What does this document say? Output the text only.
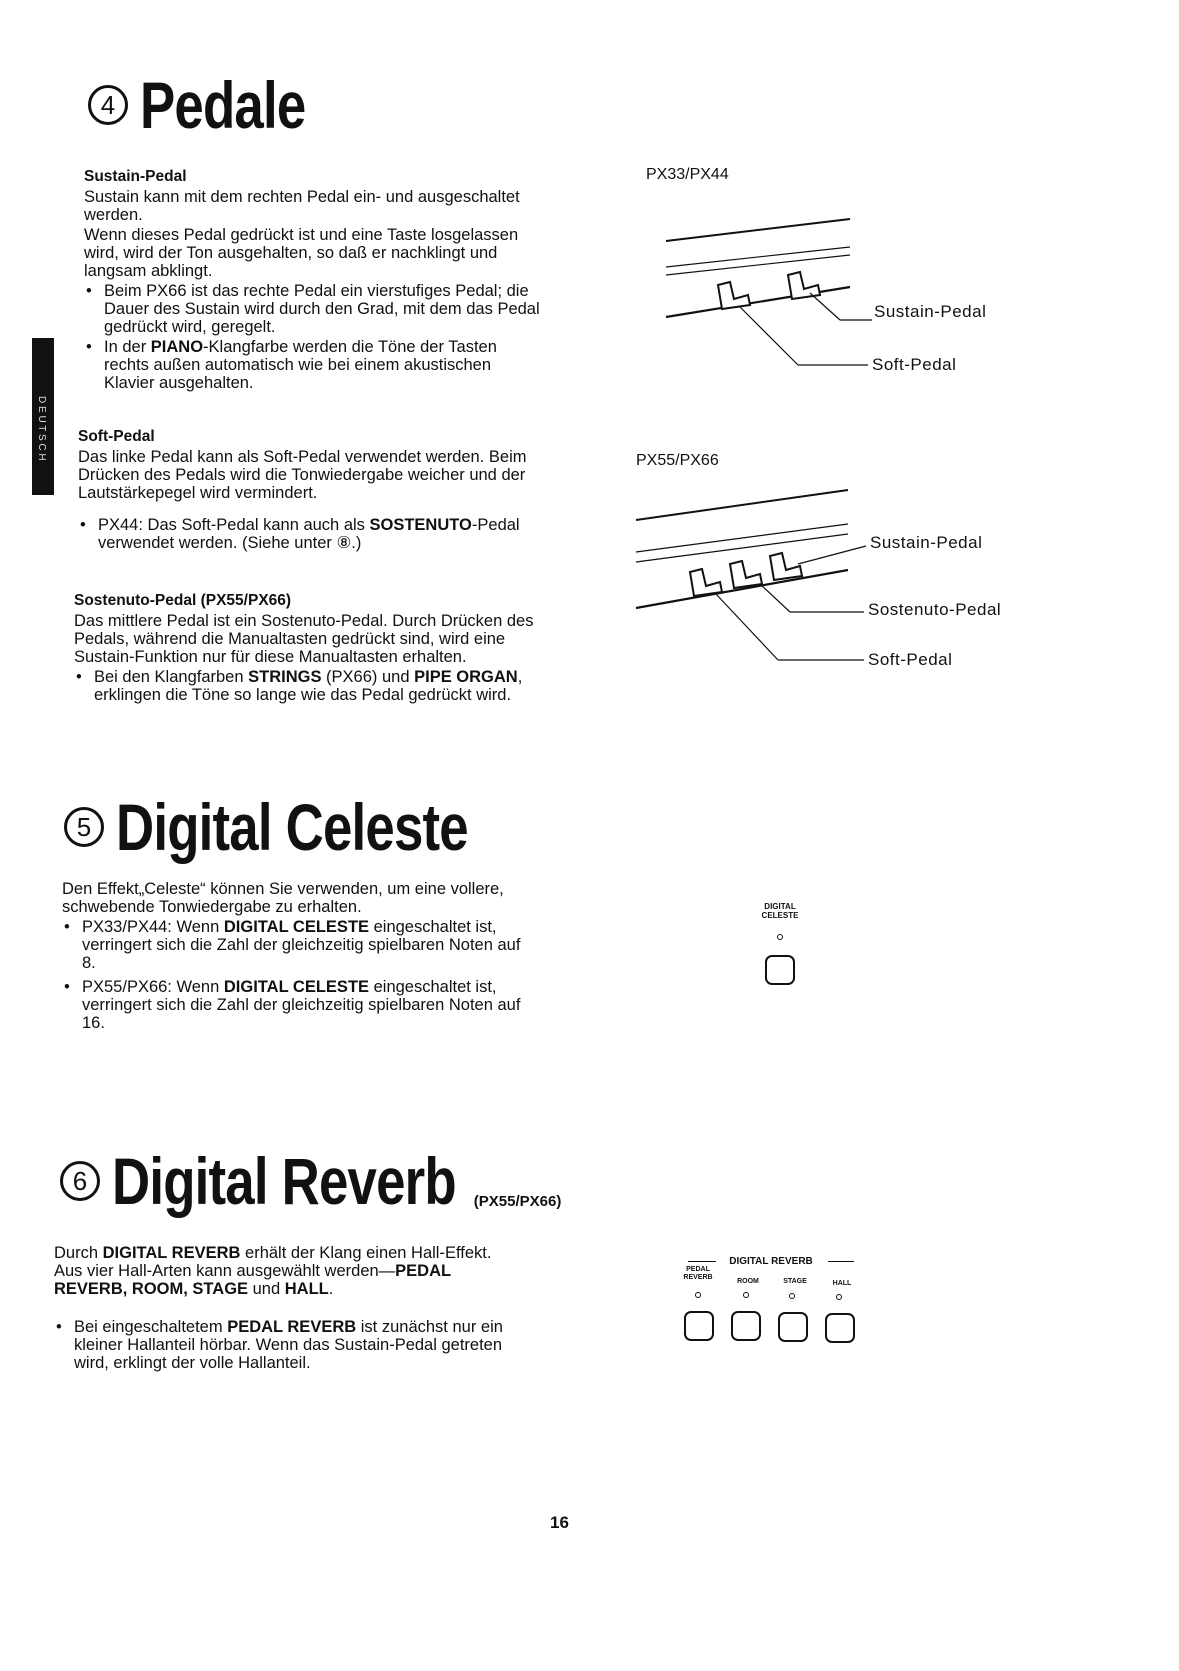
D E U T S C H
4 Pedale
Sustain-Pedal

Sustain kann mit dem rechten Pedal ein- und ausgeschaltet werden.

Wenn dieses Pedal gedrückt ist und eine Taste losgelassen wird, wird der Ton ausgehalten, so daß er nachklingt und langsam abklingt.

• Beim PX66 ist das rechte Pedal ein vierstufiges Pedal; die Dauer des Sustain wird durch den Grad, mit dem das Pedal gedrückt wird, geregelt.

• In der PIANO-Klangfarbe werden die Töne der Tasten rechts außen automatisch wie bei einem akustischen Klavier ausgehalten.

Soft-Pedal

Das linke Pedal kann als Soft-Pedal verwendet werden. Beim Drücken des Pedals wird die Tonwiedergabe weicher und der Lautstärkepegel wird vermindert.

• PX44: Das Soft-Pedal kann auch als SOSTENUTO-Pedal verwendet werden. (Siehe unter ⑧.)

Sostenuto-Pedal (PX55/PX66)

Das mittlere Pedal ist ein Sostenuto-Pedal. Durch Drücken des Pedals, während die Manualtasten gedrückt sind, wird eine Sustain-Funktion nur für diese Manualtasten erhalten.

• Bei den Klangfarben STRINGS (PX66) und PIPE ORGAN, erklingen die Töne so lange wie das Pedal gedrückt wird.

PX33/PX44
Sustain-Pedal
Soft-Pedal
PX55/PX66
Sustain-Pedal
Sostenuto-Pedal
Soft-Pedal
5 Digital Celeste

Den Effekt„Celeste“ können Sie verwenden, um eine vollere, schwebende Tonwiedergabe zu erhalten.

• PX33/PX44: Wenn DIGITAL CELESTE eingeschaltet ist, verringert sich die Zahl der gleichzeitig spielbaren Noten auf 8.

• PX55/PX66: Wenn DIGITAL CELESTE eingeschaltet ist, verringert sich die Zahl der gleichzeitig spielbaren Noten auf 16.

DIGITAL
CELESTE
6 Digital Reverb (PX55/PX66)

Durch DIGITAL REVERB erhält der Klang einen Hall-Effekt. Aus vier Hall-Arten kann ausgewählt werden—PEDAL REVERB, ROOM, STAGE und HALL.

• Bei eingeschaltetem PEDAL REVERB ist zunächst nur ein kleiner Hallanteil hörbar. Wenn das Sustain-Pedal getreten wird, erklingt der volle Hallanteil.

DIGITAL REVERB
PEDAL REVERB
ROOM	STAGE	HALL
16
